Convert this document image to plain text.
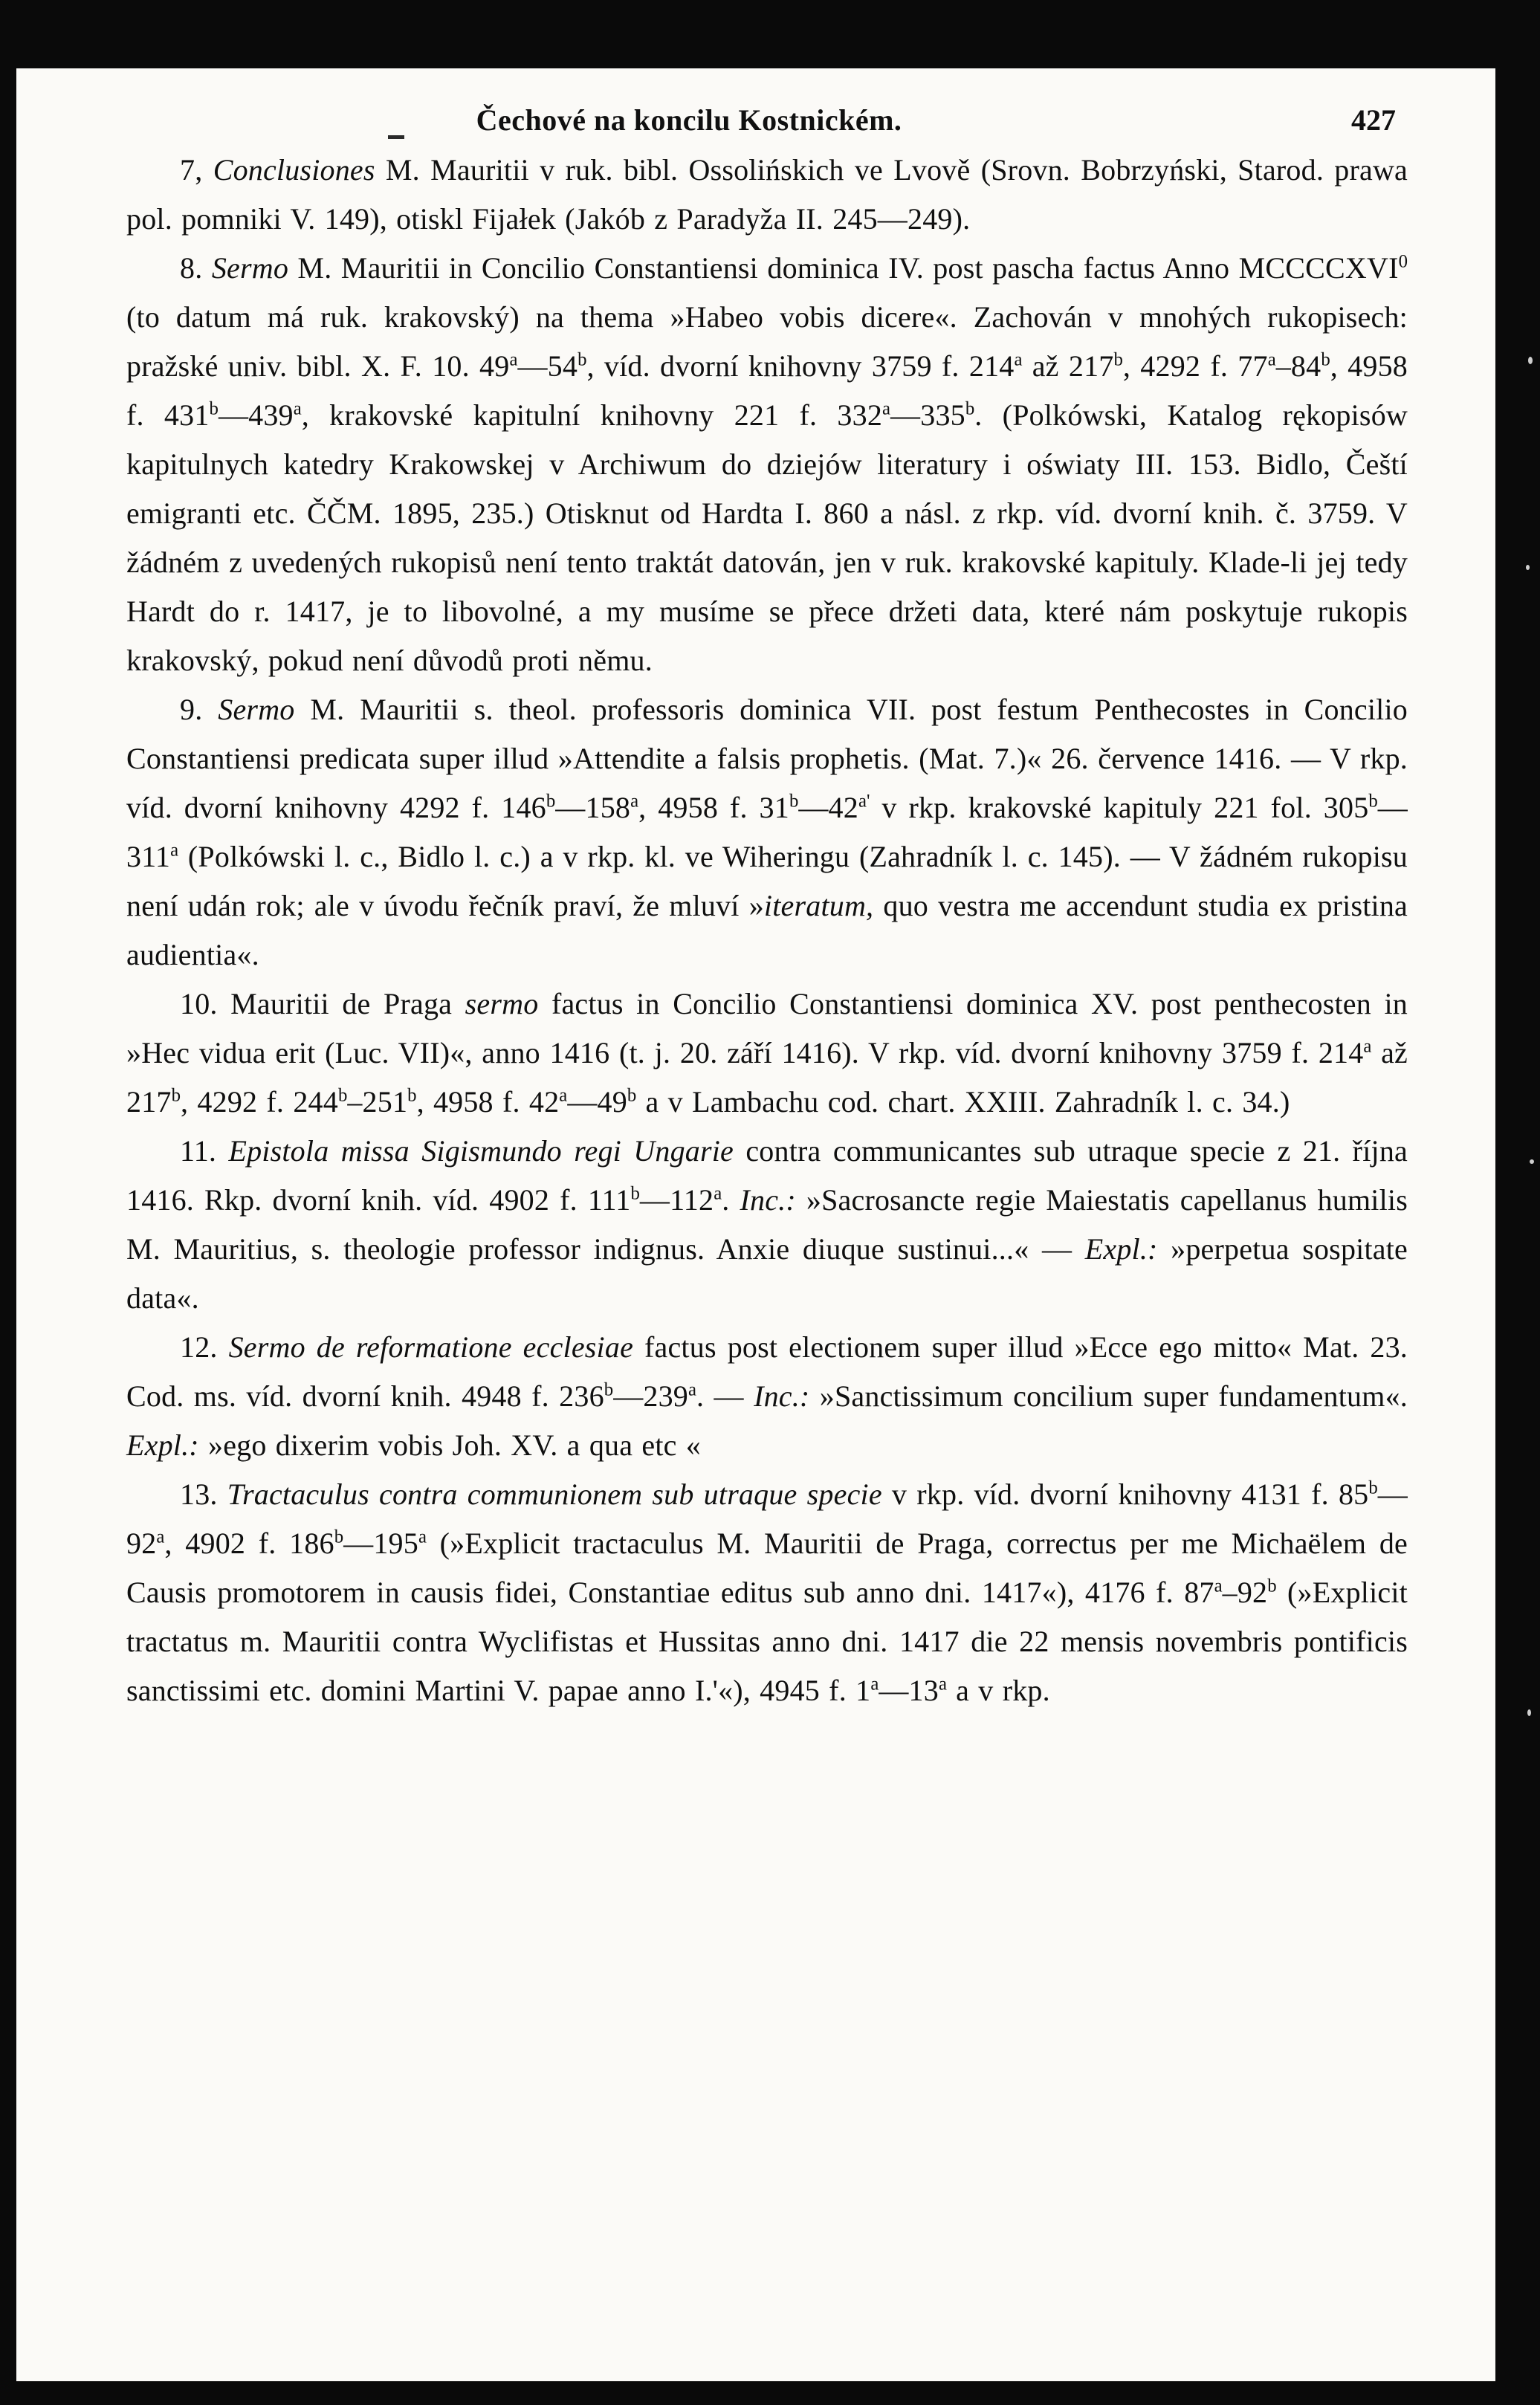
Čechové na koncilu Kostnickém.	427

7, Conclusiones M. Mauritii v ruk. bibl. Ossolińskich ve Lvově (Srovn. Bobrzyński, Starod. prawa pol. pomniki V. 149), otiskl Fijałek (Jakób z Paradyža II. 245—249).

8. Sermo M. Mauritii in Concilio Constantiensi dominica IV. post pascha factus Anno MCCCCXVI$^0$ (to datum má ruk. krakovský) na thema »Habeo vobis dicere«. Zachován v mnohých rukopisech: pražské univ. bibl. X. F. 10. 49$^a$—54$^b$, víd. dvorní knihovny 3759 f. 214$^a$ až 217$^b$, 4292 f. 77$^a$–84$^b$, 4958 f. 431$^b$—439$^a$, krakovské kapitulní knihovny 221 f. 332$^a$—335$^b$. (Polkówski, Katalog rękopisów kapitulnych katedry Krakowskej v Archiwum do dziejów literatury i oświaty III. 153. Bidlo, Čeští emigranti etc. ČČM. 1895, 235.) Otisknut od Hardta I. 860 a násl. z rkp. víd. dvorní knih. č. 3759. V žádném z uvedených rukopisů není tento traktát datován, jen v ruk. krakovské kapituly. Klade-li jej tedy Hardt do r. 1417, je to libovolné, a my musíme se přece držeti data, které nám poskytuje rukopis krakovský, pokud není důvodů proti němu.

9. Sermo M. Mauritii s. theol. professoris dominica VII. post festum Penthecostes in Concilio Constantiensi predicata super illud »Attendite a falsis prophetis. (Mat. 7.)« 26. července 1416. — V rkp. víd. dvorní knihovny 4292 f. 146$^b$—158$^a$, 4958 f. $31^b—42^{a'}$ v rkp. krakovské kapituly 221 fol. 305$^b$—311$^a$ (Polkówski l. c., Bidlo l. c.) a v rkp. kl. ve Wiheringu (Zahradník l. c. 145). — V žádném rukopisu není udán rok; ale v úvodu řečník praví, že mluví »iteratum, quo vestra me accendunt studia ex pristina audientia«.

10. Mauritii de Praga sermo factus in Concilio Constantiensi dominica XV. post penthecosten in »Hec vidua erit (Luc. VII)«, anno 1416 (t. j. 20. září 1416). V rkp. víd. dvorní knihovny 3759 f. 214$^a$ až 217$^b$, 4292 f. 244$^b$–251$^b$, 4958 f. 42$^a$—49$^b$ a v Lambachu cod. chart. XXIII. Zahradník l. c. 34.)

11. Epistola missa Sigismundo regi Ungarie contra communicantes sub utraque specie z 21. října 1416. Rkp. dvorní knih. víd. 4902 f. 111$^b$—112$^a$. Inc.: »Sacrosancte regie Maiestatis capellanus humilis M. Mauritius, s. theologie professor indignus. Anxie diuque sustinui...« — Expl.: »perpetua sospitate data«.

12. Sermo de reformatione ecclesiae factus post electionem super illud »Ecce ego mitto« Mat. 23. Cod. ms. víd. dvorní knih. 4948 f. 236$^b$—239$^a$. — Inc.: »Sanctissimum concilium super fundamentum«. Expl.: »ego dixerim vobis Joh. XV. a qua etc «

13. Tractaculus contra communionem sub utraque specie v rkp. víd. dvorní knihovny 4131 f. 85$^b$—92$^a$, 4902 f. 186$^b$—195$^a$ (»Explicit tractaculus M. Mauritii de Praga, correctus per me Michaëlem de Causis promotorem in causis fidei, Constantiae editus sub anno dni. 1417«), 4176 f. 87$^a$–92$^b$ (»Explicit tractatus m. Mauritii contra Wyclifistas et Hussitas anno dni. 1417 die 22 mensis novembris pontificis sanctissimi etc. domini Martini V. papae anno I.'«), 4945 f. 1$^a$—13$^a$ a v rkp.
